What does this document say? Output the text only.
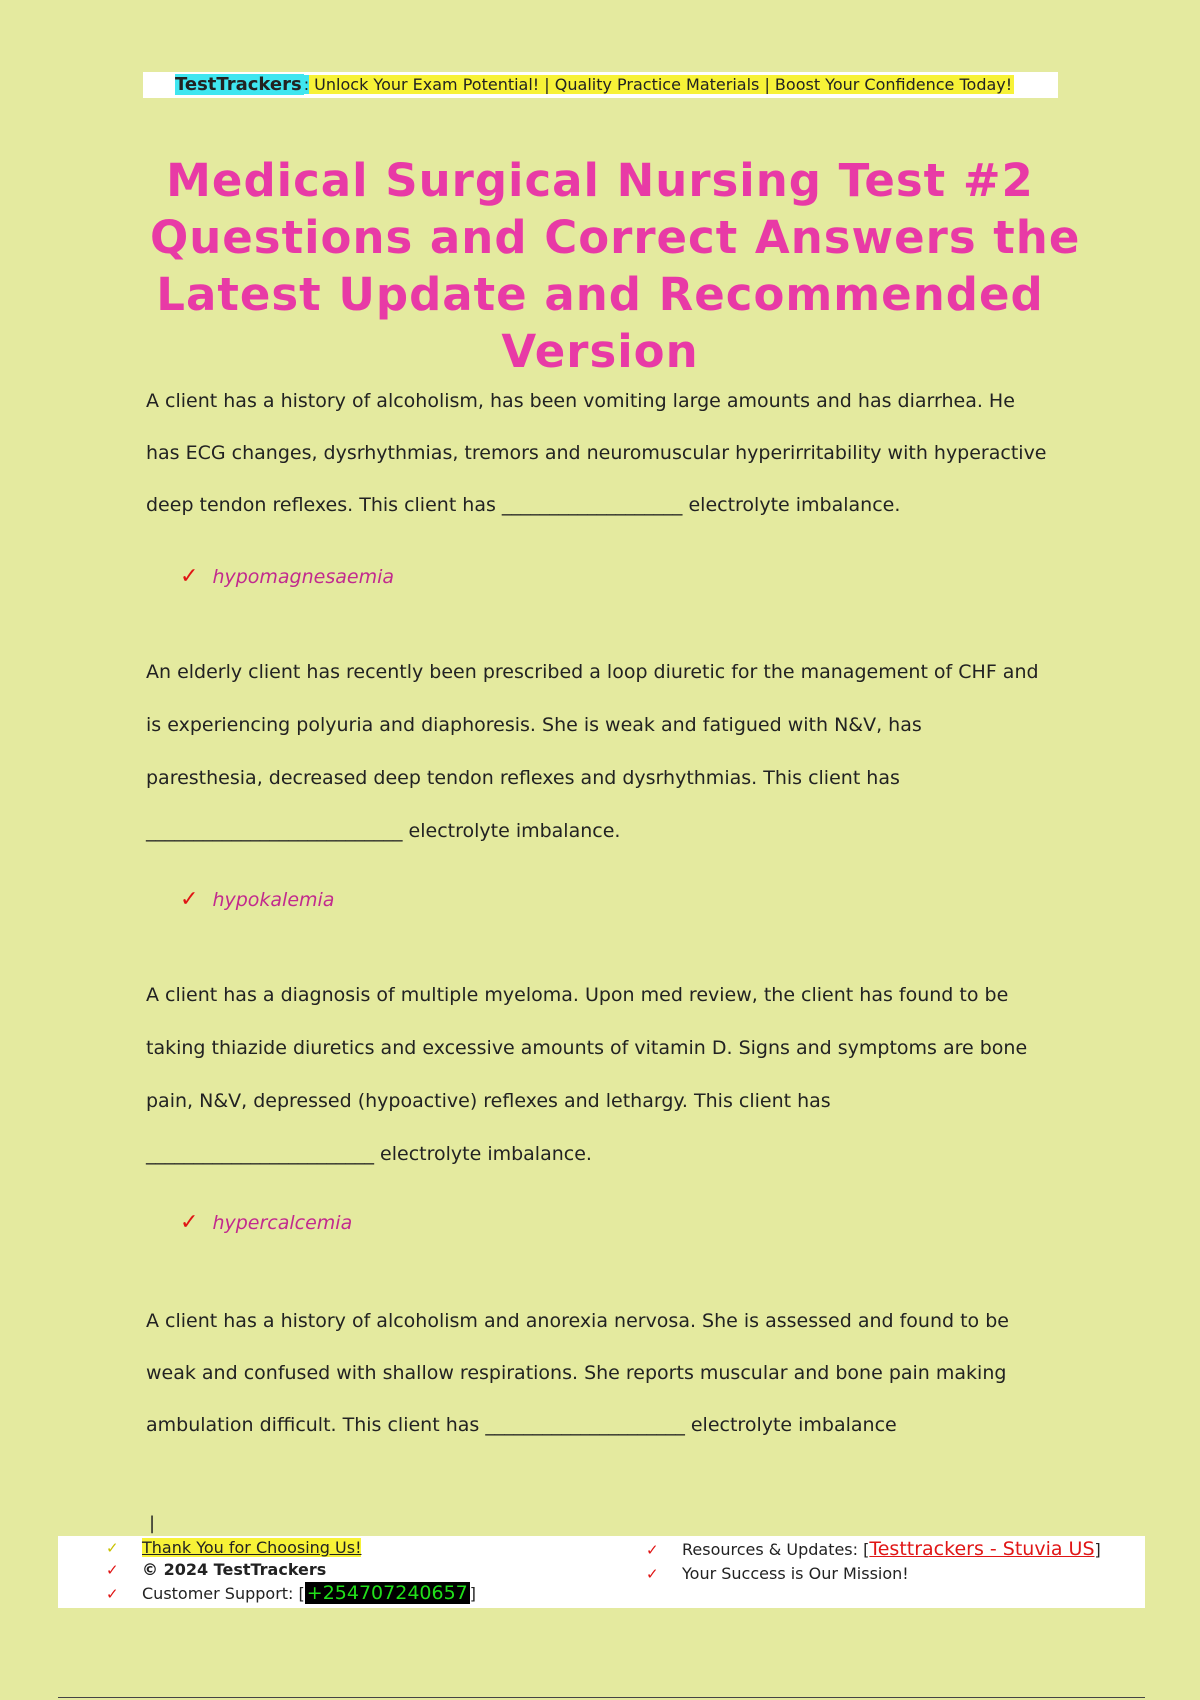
TestTrackers : Unlock Your Exam Potential! | Quality Practice Materials | Boost Your Confidence Today!
Medical Surgical Nursing Test #2
Questions and Correct Answers the
Latest Update and Recommended
Version
A client has a history of alcoholism, has been vomiting large amounts and has diarrhea. He
has ECG changes, dysrhythmias, tremors and neuromuscular hyperirritability with hyperactive
deep tendon reflexes. This client has ___________________ electrolyte imbalance.
✓ hypomagnesaemia
An elderly client has recently been prescribed a loop diuretic for the management of CHF and
is experiencing polyuria and diaphoresis. She is weak and fatigued with N&V, has
paresthesia, decreased deep tendon reflexes and dysrhythmias. This client has
___________________________ electrolyte imbalance.
✓ hypokalemia
A client has a diagnosis of multiple myeloma. Upon med review, the client has found to be
taking thiazide diuretics and excessive amounts of vitamin D. Signs and symptoms are bone
pain, N&V, depressed (hypoactive) reflexes and lethargy. This client has
________________________ electrolyte imbalance.
✓ hypercalcemia
A client has a history of alcoholism and anorexia nervosa. She is assessed and found to be
weak and confused with shallow respirations. She reports muscular and bone pain making
ambulation difficult. This client has _____________________ electrolyte imbalance
|
✓ Thank You for Choosing Us!
✓ © 2024 TestTrackers
✓ Customer Support: [ +254707240657 ]
✓ Resources & Updates: [Testtrackers - Stuvia US]
✓ Your Success is Our Mission!
